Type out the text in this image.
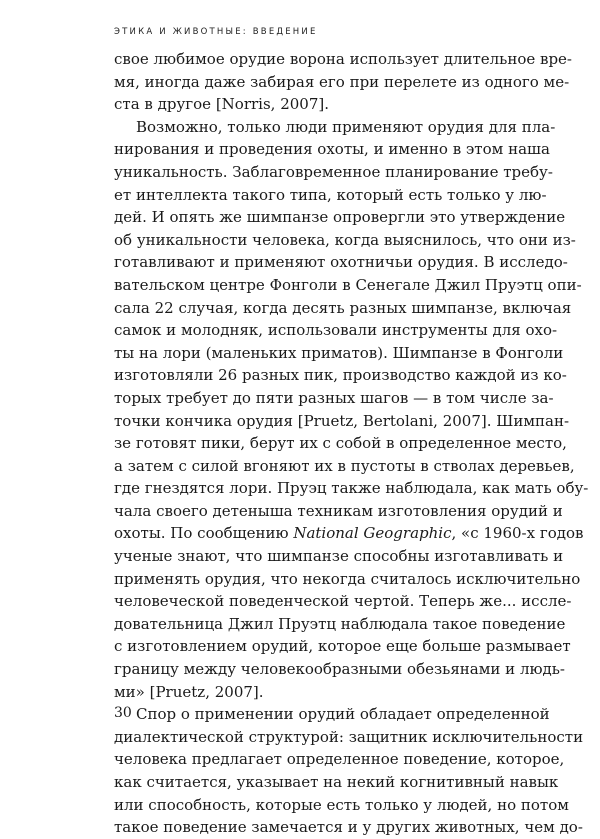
ЭТИКА И ЖИВОТНЫЕ: ВВЕДЕНИЕ
свое любимое орудие ворона использует длительное вре-
мя, иногда даже забирая его при перелете из одного ме-
ста в другое [Norris, 2007].
Возможно, только люди применяют орудия для пла-
нирования и проведения охоты, и именно в этом наша
уникальность. Заблаговременное планирование требу-
ет интеллекта такого типа, который есть только у лю-
дей. И опять же шимпанзе опровергли это утверждение
об уникальности человека, когда выяснилось, что они из-
готавливают и применяют охотничьи орудия. В исследо-
вательском центре Фонголи в Сенегале Джил Пруэтц опи-
сала 22 случая, когда десять разных шимпанзе, включая
самок и молодняк, использовали инструменты для охо-
ты на лори (маленьких приматов). Шимпанзе в Фонголи
изготовляли 26 разных пик, производство каждой из ко-
торых требует до пяти разных шагов — в том числе за-
точки кончика орудия [Pruetz, Bertolani, 2007]. Шимпан-
зе готовят пики, берут их с собой в определенное место,
а затем с силой вгоняют их в пустоты в стволах деревьев,
где гнездятся лори. Пруэц также наблюдала, как мать обу-
чала своего детеныша техникам изготовления орудий и
охоты. По сообщению National Geographic, «с 1960-х годов
ученые знают, что шимпанзе способны изготавливать и
применять орудия, что некогда считалось исключительно
человеческой поведенческой чертой. Теперь же... иссле-
довательница Джил Пруэтц наблюдала такое поведение
с изготовлением орудий, которое еще больше размывает
границу между человекообразными обезьянами и людь-
ми» [Pruetz, 2007].
Спор о применении орудий обладает определенной
диалектической структурой: защитник исключительности
человека предлагает определенное поведение, которое,
как считается, указывает на некий когнитивный навык
или способность, которые есть только у людей, но потом
такое поведение замечается и у других животных, чем до-
30
